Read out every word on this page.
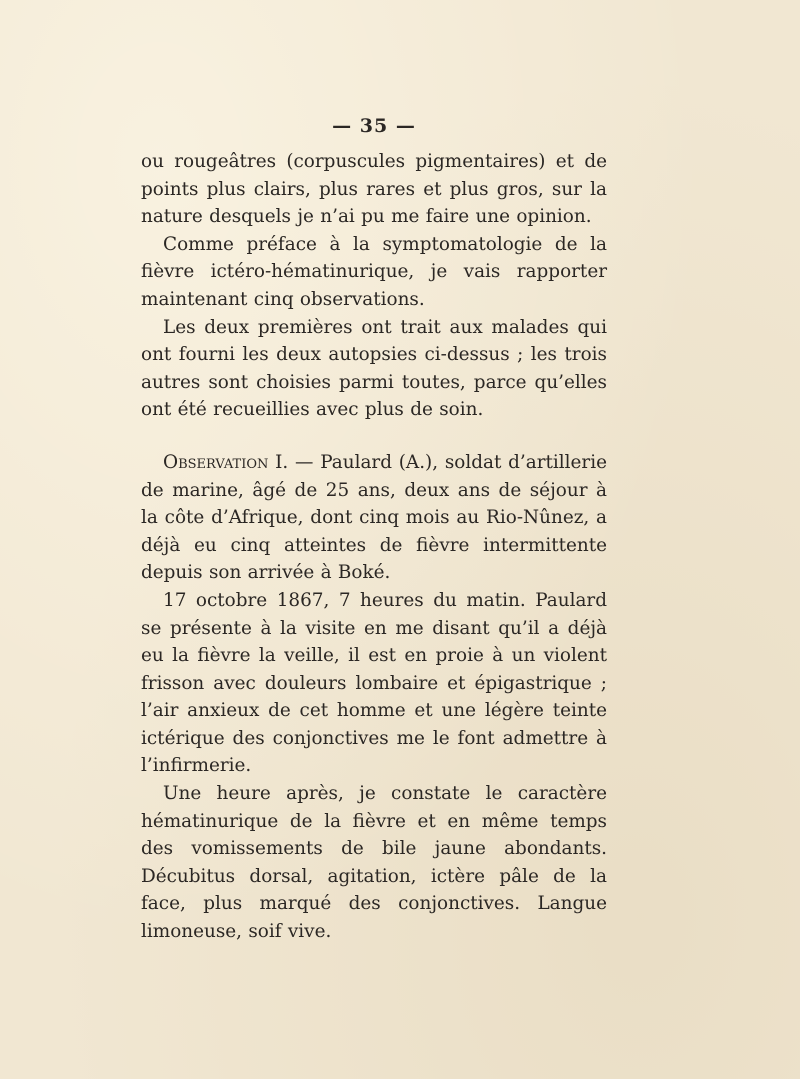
— 35 —

ou rougeâtres (corpuscules pigmentaires) et de points plus clairs, plus rares et plus gros, sur la nature desquels je n’ai pu me faire une opinion.

Comme préface à la symptomatologie de la fièvre ictéro-hématinurique, je vais rapporter maintenant cinq observations.

Les deux premières ont trait aux malades qui ont fourni les deux autopsies ci-dessus ; les trois autres sont choisies parmi toutes, parce qu’elles ont été recueillies avec plus de soin.

Observation I. — Paulard (A.), soldat d’artillerie de marine, âgé de 25 ans, deux ans de séjour à la côte d’Afrique, dont cinq mois au Rio-Nûnez, a déjà eu cinq atteintes de fièvre intermittente depuis son arrivée à Boké.

17 octobre 1867, 7 heures du matin. Paulard se présente à la visite en me disant qu’il a déjà eu la fièvre la veille, il est en proie à un violent frisson avec douleurs lombaire et épigastrique ; l’air anxieux de cet homme et une légère teinte ictérique des conjonctives me le font admettre à l’infirmerie.

Une heure après, je constate le caractère hématinurique de la fièvre et en même temps des vomissements de bile jaune abondants. Décubitus dorsal, agitation, ictère pâle de la face, plus marqué des conjonctives. Langue limoneuse, soif vive.
